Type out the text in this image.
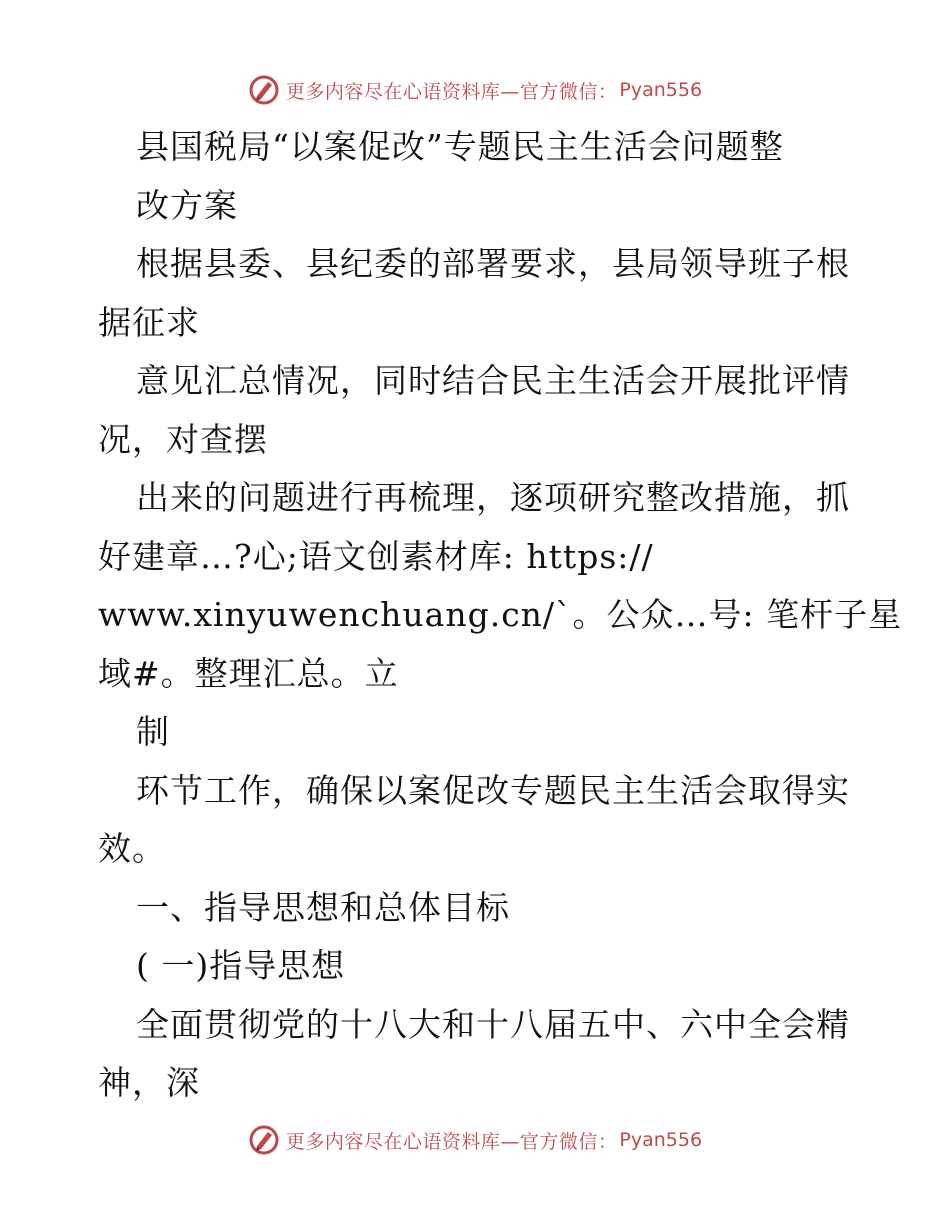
更多内容尽在心语资料库—官方微信： Pyan556
县国税局“以案促改”专题民主生活会问题整
改方案
根据县委、县纪委的部署要求，县局领导班子根
据征求
意见汇总情况，同时结合民主生活会开展批评情
况，对查摆
出来的问题进行再梳理，逐项研究整改措施，抓
好建章…?心;语文创素材库: https://
www.xinyuwenchuang.cn/`。公众…号: 笔杆子星
域#。整理汇总。立
制
环节工作，确保以案促改专题民主生活会取得实
效。
一、指导思想和总体目标
( 一)指导思想
全面贯彻党的十八大和十八届五中、六中全会精
神，深
更多内容尽在心语资料库—官方微信： Pyan556
